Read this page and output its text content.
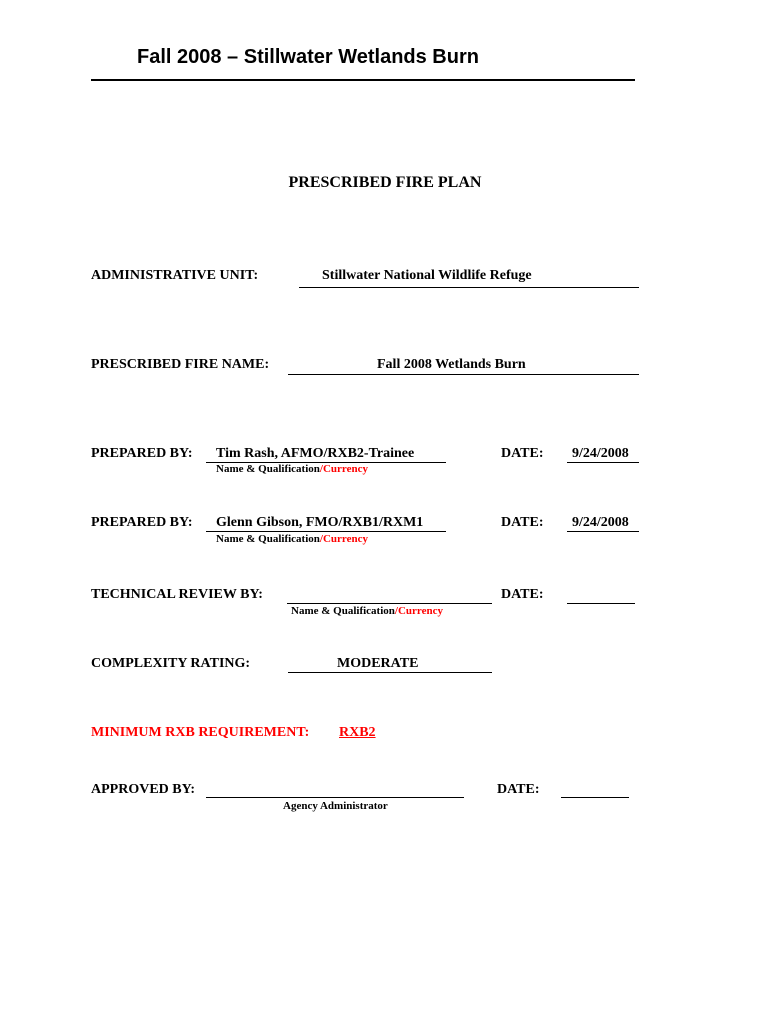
Fall 2008 – Stillwater Wetlands Burn
PRESCRIBED FIRE PLAN
ADMINISTRATIVE UNIT:	Stillwater National Wildlife Refuge
PRESCRIBED FIRE NAME:	Fall 2008 Wetlands Burn
PREPARED BY: Tim Rash, AFMO/RXB2-Trainee
Name & Qualification/Currency
DATE: 9/24/2008
PREPARED BY: Glenn Gibson, FMO/RXB1/RXM1
Name & Qualification/Currency
DATE: 9/24/2008
TECHNICAL REVIEW BY:
Name & Qualification/Currency
DATE:
COMPLEXITY RATING:	MODERATE
MINIMUM RXB REQUIREMENT: RXB2
APPROVED BY:
Agency Administrator
DATE:
